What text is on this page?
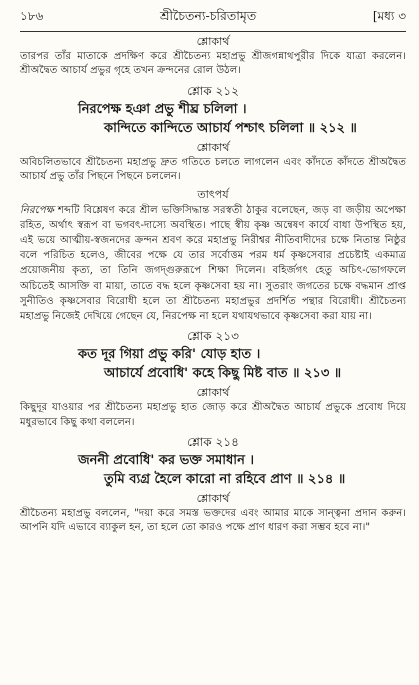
১৮৬	শ্রীচৈতন্য-চরিতামৃত	[মধ্য ৩
শ্লোকার্থ

তারপর তাঁর মাতাকে প্রদক্ষিণ করে শ্রীচৈতন্য মহাপ্রভু শ্রীজগন্নাথপুরীর দিকে যাত্রা করলেন। শ্রীঅদ্বৈত আচার্য প্রভুর গৃহে তখন ক্রন্দনের রোল উঠল।

শ্লোক ২১২

নিরপেক্ষ হঞা প্রভু শীঘ্র চলিলা ।

কান্দিতে কান্দিতে আচার্য পশ্চাৎ চলিলা ॥ ২১২ ॥

শ্লোকার্থ

অবিচলিতভাবে শ্রীচৈতন্য মহাপ্রভু দ্রুত গতিতে চলতে লাগলেন এবং কাঁদতে কাঁদতে শ্রীঅদ্বৈত আচার্য প্রভু তাঁর পিছনে পিছনে চললেন।

তাৎপর্য

নিরপেক্ষ শব্দটি বিশ্লেষণ করে শ্রীল ভক্তিসিদ্ধান্ত সরস্বতী ঠাকুর বলেছেন, জড় বা জড়ীয় অপেক্ষা রহিত, অর্থাৎ স্বরূপ বা ভগবৎ-দাস্যে অবস্থিত। পাছে স্বীয় কৃষ্ণ অন্বেষণ কার্যে বাধা উপস্থিত হয়, এই ভয়ে আত্মীয়-স্বজনদের ক্রন্দন শ্রবণ করে মহাপ্রভু নিরীশ্বর নীতিবাদীদের চক্ষে নিতান্ত নিষ্ঠুর বলে পরিচিত হলেও, জীবের পক্ষে যে তার সর্বোত্তম পরম ধর্ম কৃষ্ণসেবার প্রচেষ্টাই একমাত্র প্রয়োজনীয় কৃত্য, তা তিনি জগদ্গুরুরূপে শিক্ষা দিলেন। বহির্জগৎ হেতু অচিৎ-ভোগফলে অচিতেই আসক্তি বা মায়া, তাতে বদ্ধ হলে কৃষ্ণসেবা হয় না। সুতরাং জগতের চক্ষে বদ্ধমান প্রাপ্ত সুনীতিও কৃষ্ণসেবার বিরোধী হলে তা শ্রীচৈতন্য মহাপ্রভুর প্রদর্শিত পন্থার বিরোধী। শ্রীচৈতন্য মহাপ্রভু নিজেই দেখিয়ে গেছেন যে, নিরপেক্ষ না হলে যথাযথভাবে কৃষ্ণসেবা করা যায় না।

শ্লোক ২১৩

কত দূর গিয়া প্রভু করি' যোড় হাত ।

আচার্যে প্রবোধি' কহে কিছু মিষ্ট বাত ॥ ২১৩ ॥

শ্লোকার্থ

কিছুদূর যাওয়ার পর শ্রীচৈতন্য মহাপ্রভু হাত জোড় করে শ্রীঅদ্বৈত আচার্য প্রভুকে প্রবোধ দিয়ে মধুরভাবে কিছু কথা বললেন।

শ্লোক ২১৪

জননী প্রবোধি' কর ভক্ত সমাধান ।

তুমি ব্যগ্র হৈলে কারো না রহিবে প্রাণ ॥ ২১৪ ॥

শ্লোকার্থ

শ্রীচৈতন্য মহাপ্রভু বললেন, "দয়া করে সমস্ত ভক্তদের এবং আমার মাকে সান্ত্বনা প্রদান করুন। আপনি যদি এভাবে ব্যাকুল হন, তা হলে তো কারও পক্ষে প্রাণ ধারণ করা সম্ভব হবে না।"
